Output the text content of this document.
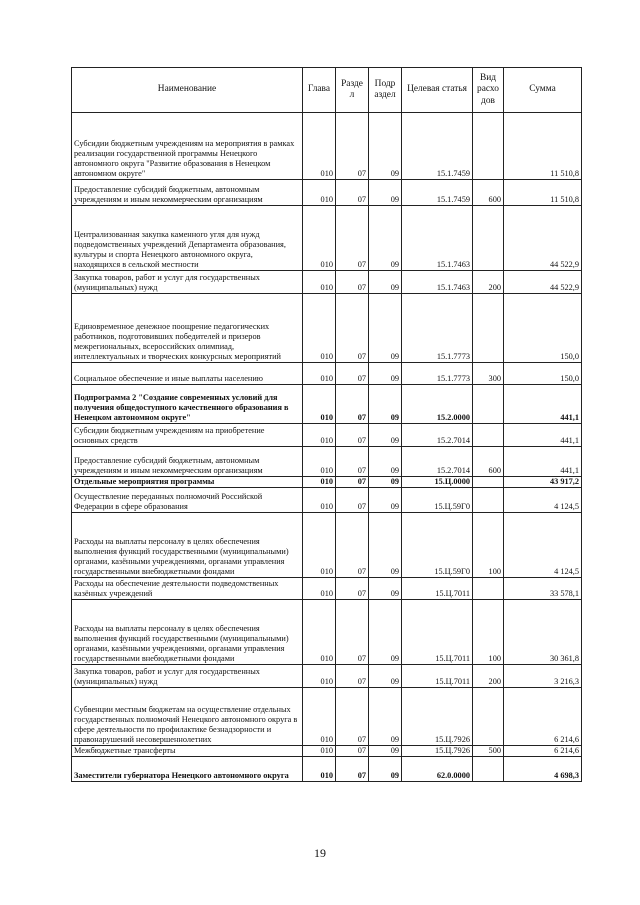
Наименование	Глава	Разде л	Подр аздел	Целевая статья	Вид расхо дов	Сумма
Субсидии бюджетным учреждениям на мероприятия в рамках реализации государственной программы Ненецкого автономного округа "Развитие образования в Ненецком автономном округе"	010	07	09	15.1.7459		11 510,8
Предоставление субсидий бюджетным, автономным учреждениям и иным некоммерческим организациям	010	07	09	15.1.7459	600	11 510,8
Централизованная закупка каменного угля для нужд подведомственных учреждений Департамента образования, культуры и спорта Ненецкого автономного округа, находящихся в сельской местности	010	07	09	15.1.7463		44 522,9
Закупка товаров, работ и услуг для государственных (муниципальных) нужд	010	07	09	15.1.7463	200	44 522,9
Единовременное денежное поощрение педагогических работников, подготовивших победителей и призеров межрегиональных, всероссийских олимпиад, интеллектуальных и творческих конкурсных мероприятий	010	07	09	15.1.7773		150,0
Социальное обеспечение и иные выплаты населению	010	07	09	15.1.7773	300	150,0
Подпрограмма 2 "Создание современных условий для получения общедоступного качественного образования в Ненецком автономном округе"	010	07	09	15.2.0000		441,1
Субсидии бюджетным учреждениям на приобретение основных средств	010	07	09	15.2.7014		441,1
Предоставление субсидий бюджетным, автономным учреждениям и иным некоммерческим организациям	010	07	09	15.2.7014	600	441,1
Отдельные мероприятия программы	010	07	09	15.Ц.0000		43 917,2
Осуществление переданных полномочий Российской Федерации в сфере образования	010	07	09	15.Ц.59Г0		4 124,5
Расходы на выплаты персоналу в целях обеспечения выполнения функций государственными (муниципальными) органами, казёнными учреждениями, органами управления государственными внебюджетными фондами	010	07	09	15.Ц.59Г0	100	4 124,5
Расходы на обеспечение деятельности подведомственных казённых учреждений	010	07	09	15.Ц.7011		33 578,1
Расходы на выплаты персоналу в целях обеспечения выполнения функций государственными (муниципальными) органами, казёнными учреждениями, органами управления государственными внебюджетными фондами	010	07	09	15.Ц.7011	100	30 361,8
Закупка товаров, работ и услуг для государственных (муниципальных) нужд	010	07	09	15.Ц.7011	200	3 216,3
Субвенции местным бюджетам на осуществление отдельных государственных полномочий Ненецкого автономного округа в сфере деятельности по профилактике безнадзорности и правонарушений несовершеннолетних	010	07	09	15.Ц.7926		6 214,6
Межбюджетные трансферты	010	07	09	15.Ц.7926	500	6 214,6
Заместители губернатора Ненецкого автономного округа	010	07	09	62.0.0000		4 698,3
19
